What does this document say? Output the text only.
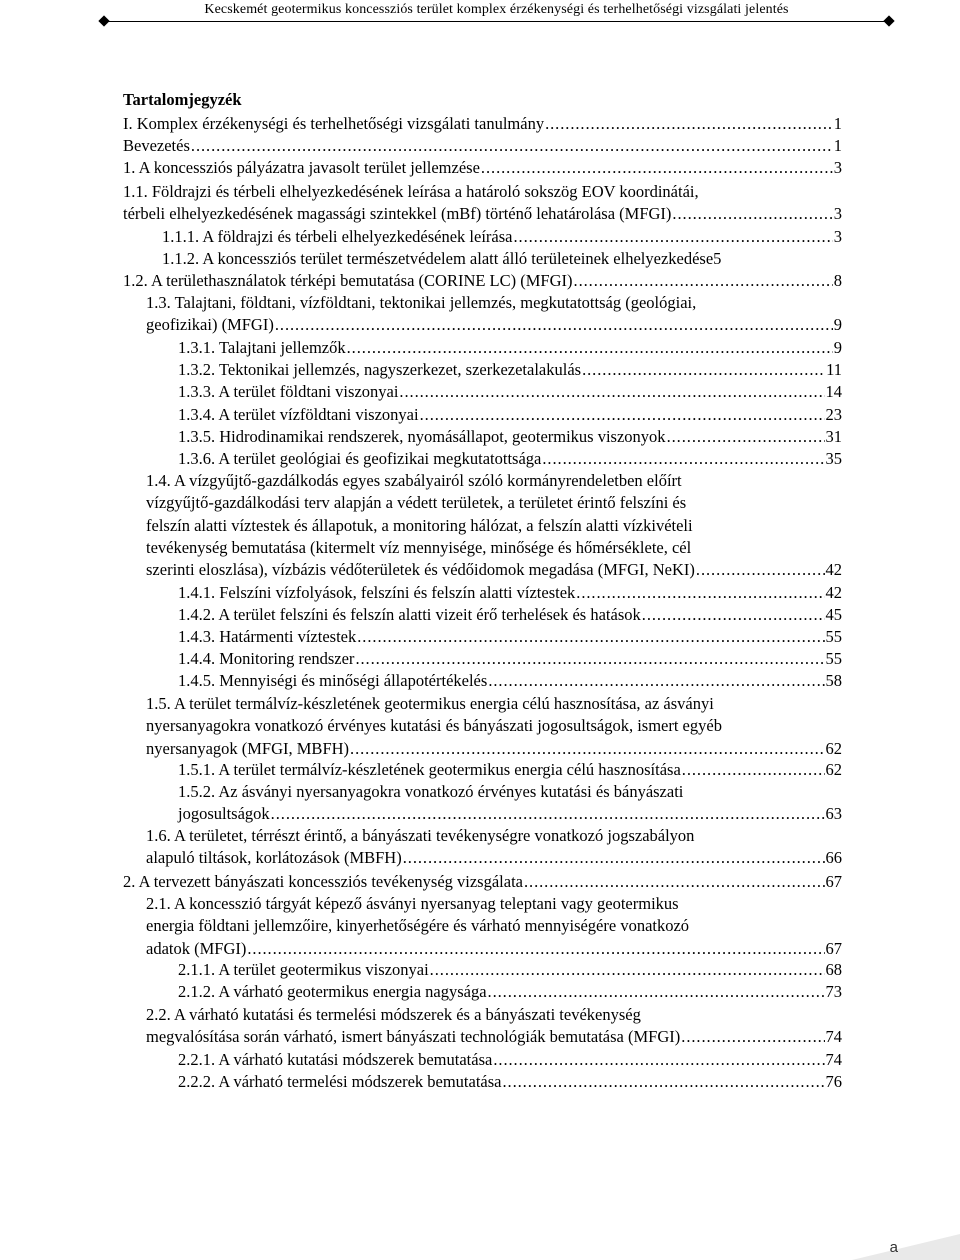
Kecskemét geotermikus koncessziós terület komplex érzékenységi és terhelhetőségi vizsgálati jelentés
Tartalomjegyzék
I. Komplex érzékenységi és terhelhetőségi vizsgálati tanulmány . . .	1
Bevezetés . . .	1
1. A koncessziós pályázatra javasolt terület jellemzése . . .	3
1.1. Földrajzi és térbeli elhelyezkedésének leírása a határoló sokszög EOV koordinátái,
térbeli elhelyezkedésének magassági szintekkel (mBf) történő lehatárolása (MFGI) . . .	3
1.1.1. A földrajzi és térbeli elhelyezkedésének leírása . . .	3
1.1.2. A koncessziós terület természetvédelem alatt álló területeinek elhelyezkedése5
1.2. A területhasználatok térképi bemutatása (CORINE LC) (MFGI) . . .	8
1.3. Talajtani, földtani, vízföldtani, tektonikai jellemzés, megkutatottság (geológiai,
geofizikai) (MFGI) . . .	9
1.3.1. Talajtani jellemzők . . .	9
1.3.2. Tektonikai jellemzés, nagyszerkezet, szerkezetalakulás . . .	11
1.3.3. A terület földtani viszonyai . . .	14
1.3.4. A terület vízföldtani viszonyai . . .	23
1.3.5. Hidrodinamikai rendszerek, nyomásállapot, geotermikus viszonyok . . .	31
1.3.6. A terület geológiai és geofizikai megkutatottsága . . .	35
1.4. A vízgyűjtő-gazdálkodás egyes szabályairól szóló kormányrendeletben előírt
vízgyűjtő-gazdálkodási terv alapján a védett területek, a területet érintő felszíni és
felszín alatti víztestek és állapotuk, a monitoring hálózat, a felszín alatti vízkivételi
tevékenység bemutatása (kitermelt víz mennyisége, minősége és hőmérséklete, cél
szerinti eloszlása), vízbázis védőterületek és védőidomok megadása (MFGI, NeKI) . . .	42
1.4.1. Felszíni vízfolyások, felszíni és felszín alatti víztestek . . .	42
1.4.2. A terület felszíni és felszín alatti vizeit érő terhelések és hatások . . .	45
1.4.3. Határmenti víztestek . . .	55
1.4.4. Monitoring rendszer . . .	55
1.4.5. Mennyiségi és minőségi állapotértékelés . . .	58
1.5. A terület termálvíz-készletének geotermikus energia célú hasznosítása, az ásványi
nyersanyagokra vonatkozó érvényes kutatási és bányászati jogosultságok, ismert egyéb
nyersanyagok (MFGI, MBFH) . . .	62
1.5.1. A terület termálvíz-készletének geotermikus energia célú hasznosítása . . .	62
1.5.2. Az ásványi nyersanyagokra vonatkozó érvényes kutatási és bányászati
jogosultságok . . .	63
1.6. A területet, térrészt érintő, a bányászati tevékenységre vonatkozó jogszabályon
alapuló tiltások, korlátozások (MBFH) . . .	66
2. A tervezett bányászati koncessziós tevékenység vizsgálata . . .	67
2.1. A koncesszió tárgyát képező ásványi nyersanyag teleptani vagy geotermikus
energia földtani jellemzőire, kinyerhetőségére és várható mennyiségére vonatkozó
adatok (MFGI) . . .	67
2.1.1. A terület geotermikus viszonyai . . .	68
2.1.2. A várható geotermikus energia nagysága . . .	73
2.2. A várható kutatási és termelési módszerek és a bányászati tevékenység
megvalósítása során várható, ismert bányászati technológiák bemutatása (MFGI) . . .	74
2.2.1. A várható kutatási módszerek bemutatása . . .	74
2.2.2. A várható termelési módszerek bemutatása . . .	76
a
